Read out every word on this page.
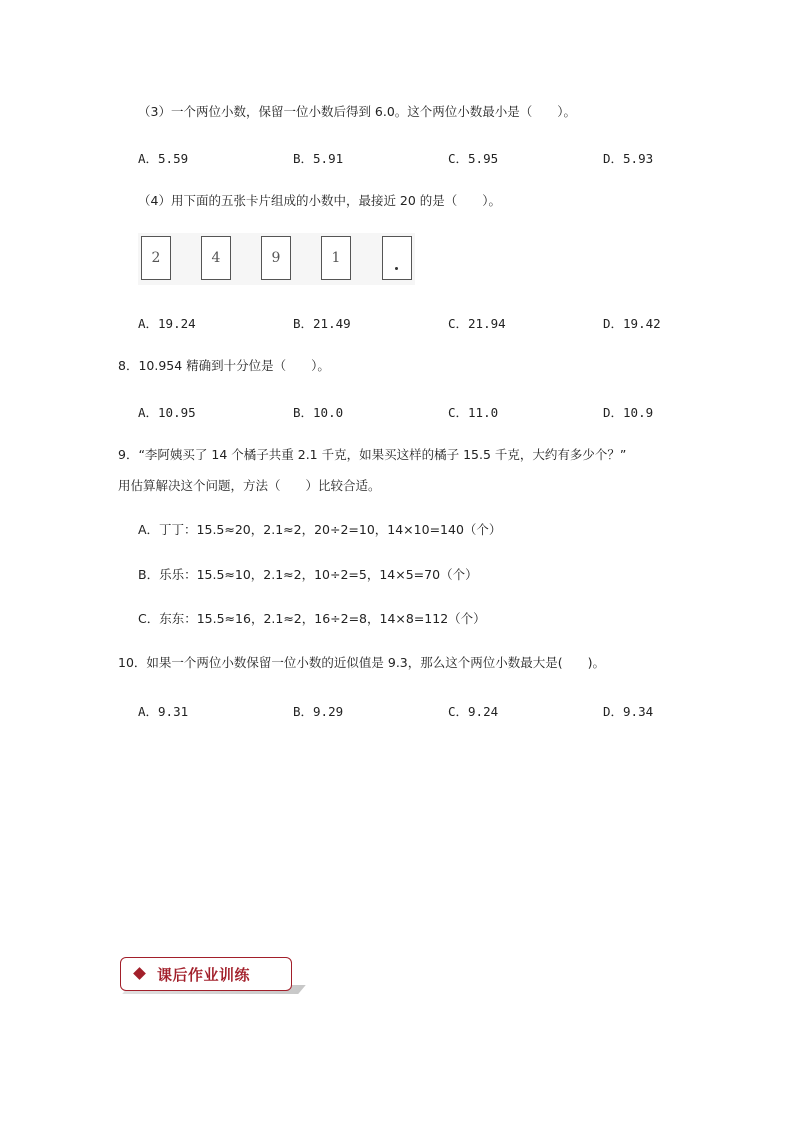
（3）一个两位小数，保留一位小数后得到 6.0。这个两位小数最小是（　　）。
A．5.59	B．5.91	C．5.95	D．5.93
（4）用下面的五张卡片组成的小数中，最接近 20 的是（　　）。
2	4	9	1
A．19.24	B．21.49	C．21.94	D．19.42
8．10.954 精确到十分位是（　　）。
A．10.95	B．10.0	C．11.0	D．10.9
9．“李阿姨买了 14 个橘子共重 2.1 千克，如果买这样的橘子 15.5 千克，大约有多少个？”
用估算解决这个问题，方法（　　）比较合适。
A．丁丁：15.5≈20，2.1≈2，20÷2=10，14×10=140（个）
B．乐乐：15.5≈10，2.1≈2，10÷2=5，14×5=70（个）
C．东东：15.5≈16，2.1≈2，16÷2=8，14×8=112（个）
10．如果一个两位小数保留一位小数的近似值是 9.3，那么这个两位小数最大是(　　)。
A．9.31	B．9.29	C．9.24	D．9.34
课后作业训练
